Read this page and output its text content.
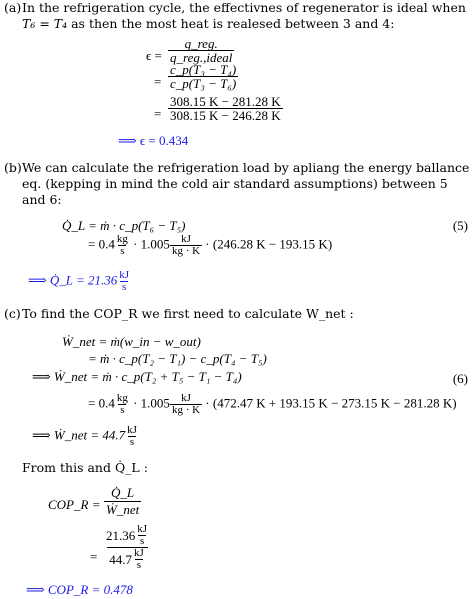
(a) In the refrigeration cycle, the effectivnes of regenerator is ideal when
T₆ = T₄ as then the most heat is realesed between 3 and 4:
$\epsilon = \frac{\text{q\_reg.}}{\text{q\_reg.,ideal}}$
= $\frac{\text{c\_p(T₃ − T₄)}}{\text{c\_p(T₃ − T₆)}}$
= $\frac{308.15 K - 281.28 K}{308.15 K - 246.28 K}$
⟹ ϵ = 0.434
(b) We can calculate the refrigeration load by apliang the energy ballance
eq. (kepping in mind the cold air standard assumptions) between 5
and 6:
Q̇_L = ṁ · c_p(T₆ − T₅)	(5)
= $0.4 \frac{kg}{s} \cdot 1.005 \frac{kJ}{kg \cdot K} \cdot (246.28$ K − 193.15 K)
⟹ Q̇_L = $21.36 \frac{kJ}{s}$
(c) To find the COP_R we first need to calculate W_net :
Ẇ_net = ṁ(w_in − w_out)
= ṁ · c_p(T₂ − T₁) − c_p(T₄ − T₅)
⟹ Ẇ_net = ṁ · c_p(T₂ + T₅ − T₁ − T₄)	(6)
= $0.4 \frac{kg}{s} \cdot 1.005 \frac{kJ}{kg \cdot K} \cdot (472.47$ K + 193.15 K − 273.15 K − 281.28 K)
⟹ Ẇ_net = $44.7 \frac{kJ}{s}$
From this and Q̇_L :
COP_R = $\frac{Q̇\_L}{\text{Ẇ\_net}}$
= $\frac{21.36 \frac{kJ}{s}}{44.7 \frac{kJ}{s}}$
⟹ COP_R = 0.478
